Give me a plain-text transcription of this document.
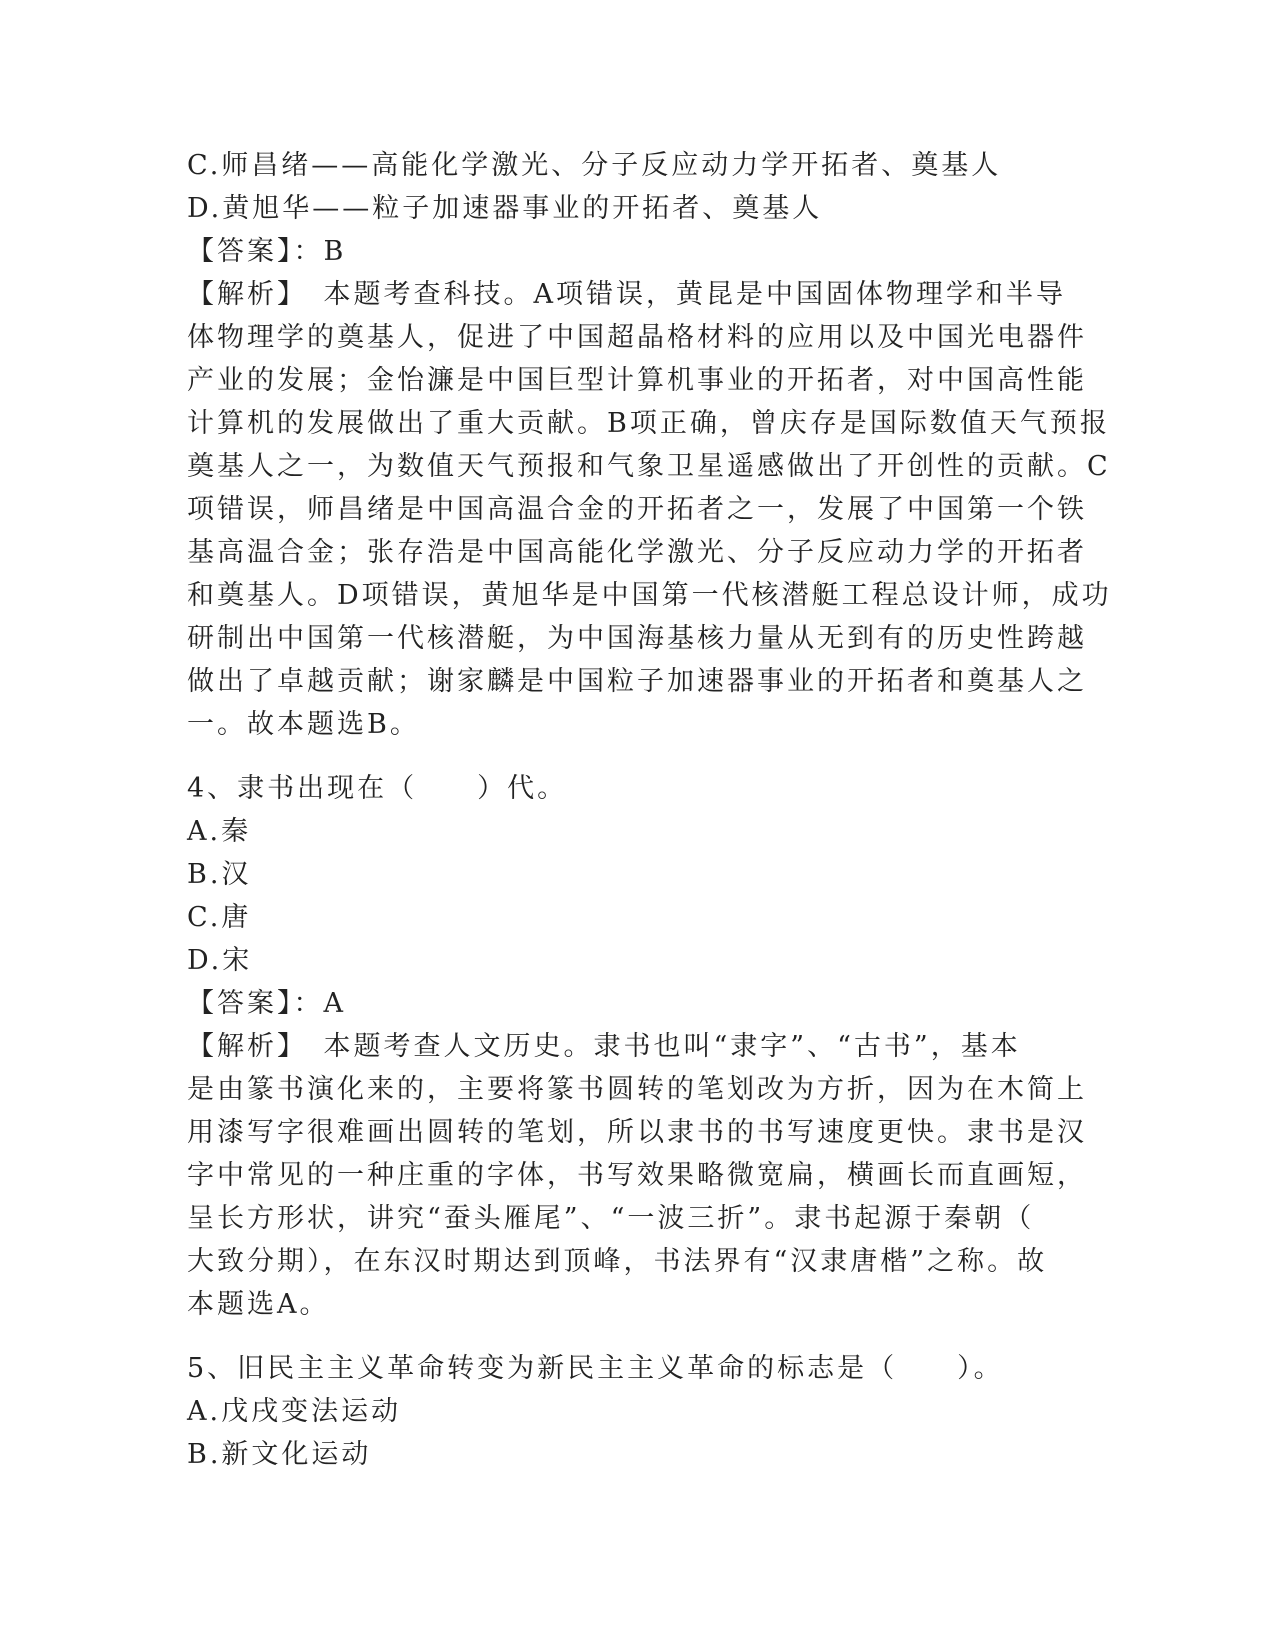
C.师昌绪——高能化学激光、分子反应动力学开拓者、奠基人
D.黄旭华——粒子加速器事业的开拓者、奠基人
【答案】：B
【解析】　本题考查科技。A项错误，黄昆是中国固体物理学和半导
体物理学的奠基人，促进了中国超晶格材料的应用以及中国光电器件
产业的发展；金怡濂是中国巨型计算机事业的开拓者，对中国高性能
计算机的发展做出了重大贡献。B项正确，曾庆存是国际数值天气预报
奠基人之一，为数值天气预报和气象卫星遥感做出了开创性的贡献。C
项错误，师昌绪是中国高温合金的开拓者之一，发展了中国第一个铁
基高温合金；张存浩是中国高能化学激光、分子反应动力学的开拓者
和奠基人。D项错误，黄旭华是中国第一代核潜艇工程总设计师，成功
研制出中国第一代核潜艇，为中国海基核力量从无到有的历史性跨越
做出了卓越贡献；谢家麟是中国粒子加速器事业的开拓者和奠基人之
一。故本题选B。
4、隶书出现在（　　）代。
A.秦
B.汉
C.唐
D.宋
【答案】：A
【解析】　本题考查人文历史。隶书也叫“隶字”、“古书”，基本
是由篆书演化来的，主要将篆书圆转的笔划改为方折，因为在木简上
用漆写字很难画出圆转的笔划，所以隶书的书写速度更快。隶书是汉
字中常见的一种庄重的字体，书写效果略微宽扁，横画长而直画短，
呈长方形状，讲究“蚕头雁尾”、“一波三折”。隶书起源于秦朝（
大致分期），在东汉时期达到顶峰，书法界有“汉隶唐楷”之称。故
本题选A。
5、旧民主主义革命转变为新民主主义革命的标志是（　　）。
A.戊戌变法运动
B.新文化运动
